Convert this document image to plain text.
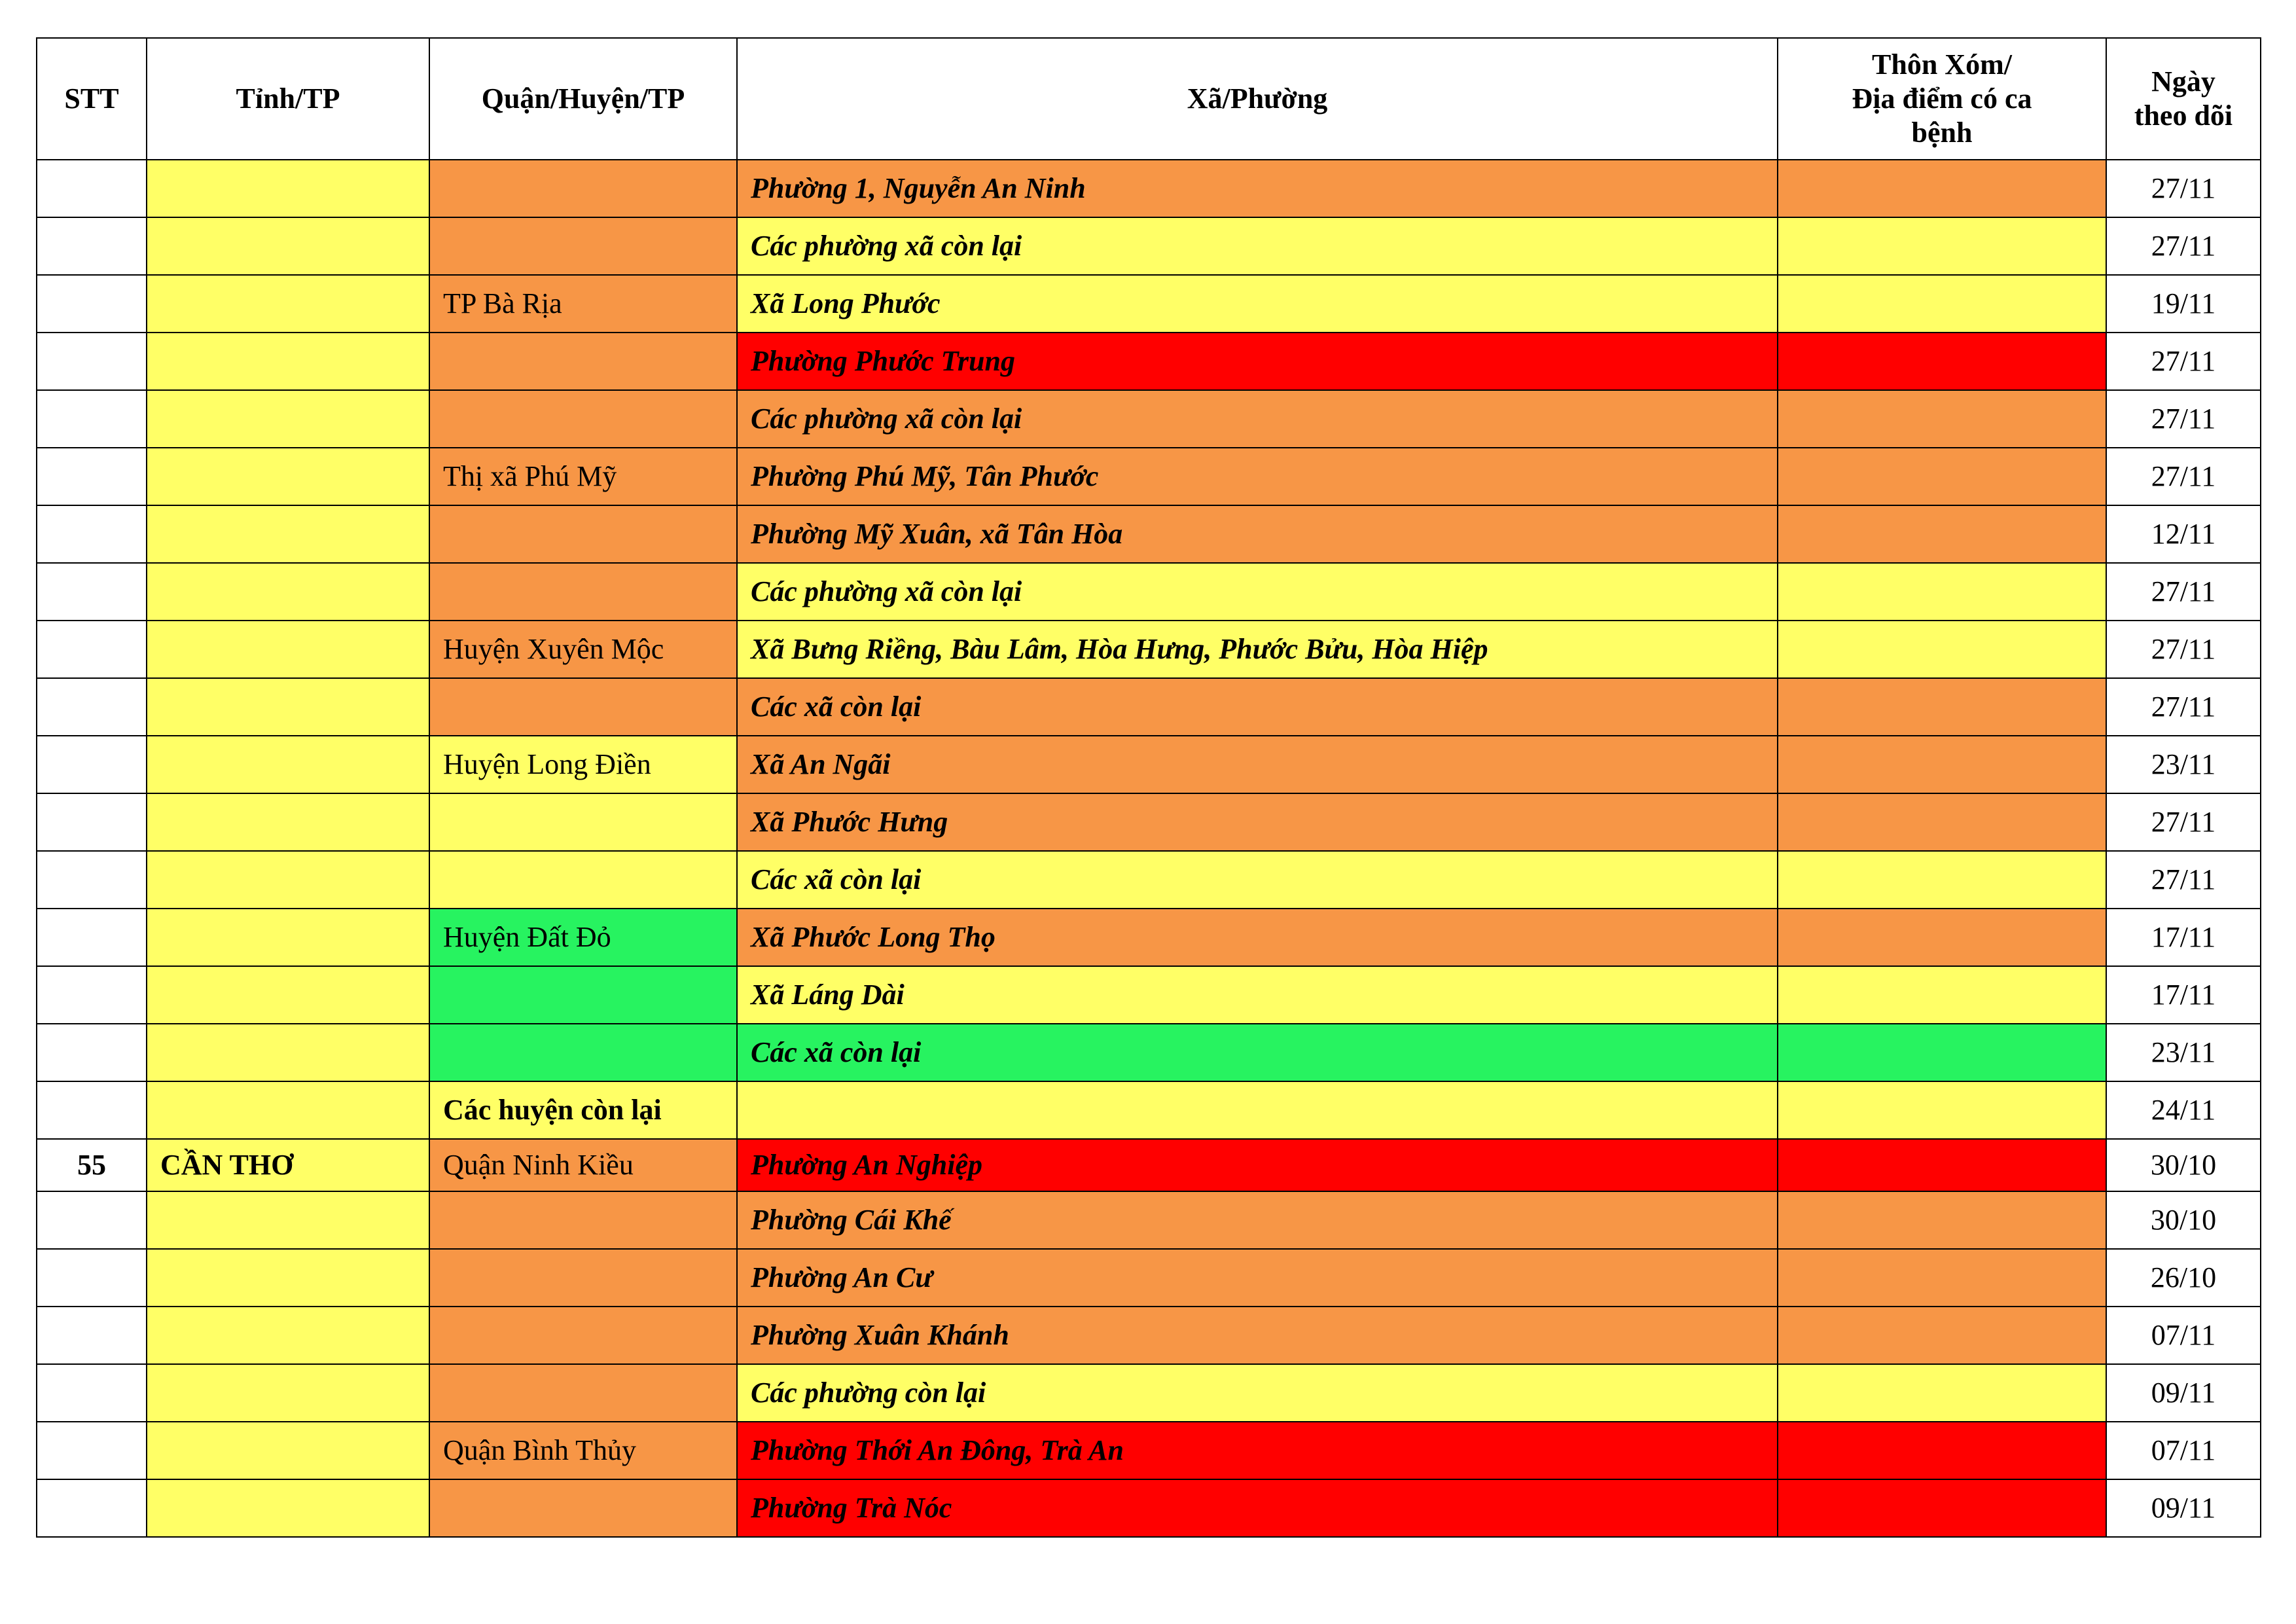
STT	Tỉnh/TP	Quận/Huyện/TP	Xã/Phường	Thôn Xóm/
Địa điểm có ca
bệnh	Ngày
theo dõi

			Phường 1, Nguyễn An Ninh		27/11
			Các phường xã còn lại		27/11
		TP Bà Rịa	Xã Long Phước		19/11
			Phường Phước Trung		27/11
			Các phường xã còn lại		27/11
		Thị xã Phú Mỹ	Phường Phú Mỹ, Tân Phước		27/11
			Phường Mỹ Xuân, xã Tân Hòa		12/11
			Các phường xã còn lại		27/11
		Huyện Xuyên Mộc	Xã Bưng Riềng, Bàu Lâm, Hòa Hưng, Phước Bửu, Hòa Hiệp		27/11
			Các xã còn lại		27/11
		Huyện Long Điền	Xã An Ngãi		23/11
			Xã Phước Hưng		27/11
			Các xã còn lại		27/11
		Huyện Đất Đỏ	Xã Phước Long Thọ		17/11
			Xã Láng Dài		17/11
			Các xã còn lại		23/11
		Các huyện còn lại			24/11
55	CẦN THƠ	Quận Ninh Kiều	Phường An Nghiệp		30/10
			Phường Cái Khế		30/10
			Phường An Cư		26/10
			Phường Xuân Khánh		07/11
			Các phường còn lại		09/11
		Quận Bình Thủy	Phường Thới An Đông, Trà An		07/11
			Phường Trà Nóc		09/11
